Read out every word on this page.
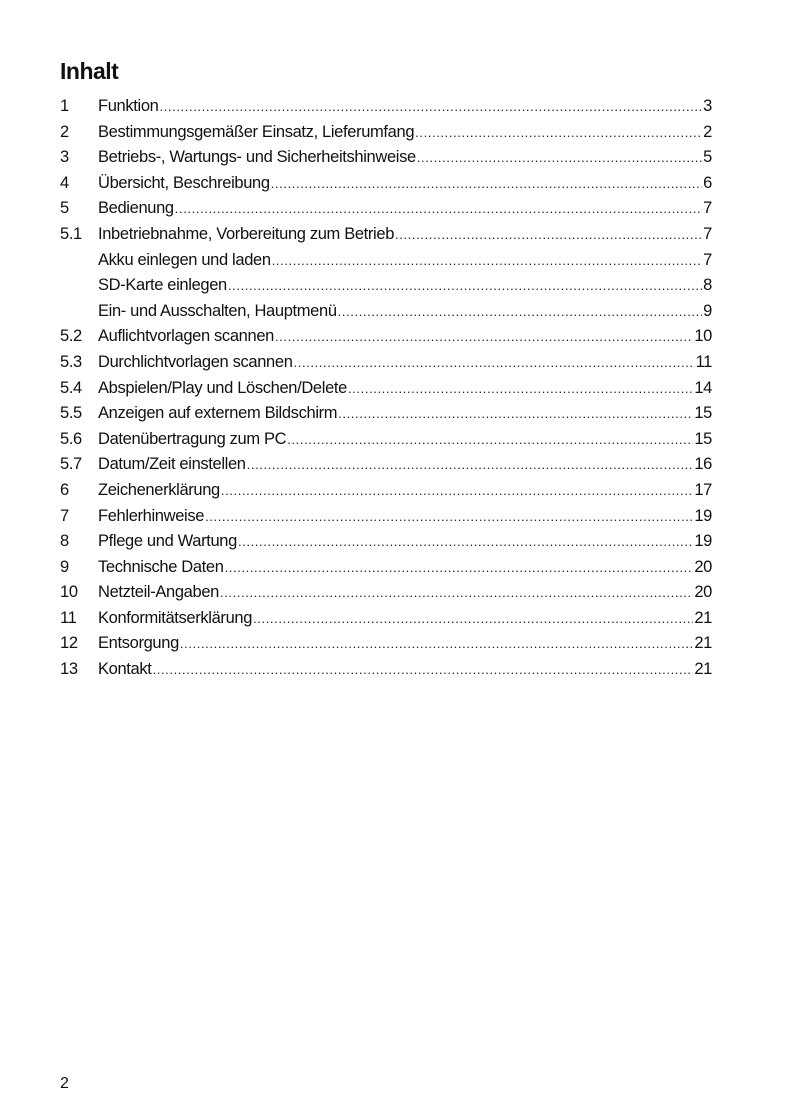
Inhalt
1	Funktion .....	3
2	Bestimmungsgemäßer Einsatz, Lieferumfang .....	2
3	Betriebs-, Wartungs- und Sicherheitshinweise .....	5
4	Übersicht, Beschreibung .....	6
5	Bedienung .....	7
5.1 Inbetriebnahme, Vorbereitung zum Betrieb .....	7
Akku einlegen und laden .....	7
SD-Karte einlegen .....	8
Ein- und Ausschalten, Hauptmenü .....	9
5.2 Auflichtvorlagen scannen .....	10
5.3 Durchlichtvorlagen scannen .....	11
5.4 Abspielen/Play und Löschen/Delete .....	14
5.5 Anzeigen auf externem Bildschirm .....	15
5.6 Datenübertragung zum PC .....	15
5.7 Datum/Zeit einstellen .....	16
6	Zeichenerklärung .....	17
7	Fehlerhinweise .....	19
8	Pflege und Wartung .....	19
9	Technische Daten .....	20
10	Netzteil-Angaben .....	20
11	Konformitätserklärung .....	21
12	Entsorgung .....	21
13	Kontakt .....	21
2
